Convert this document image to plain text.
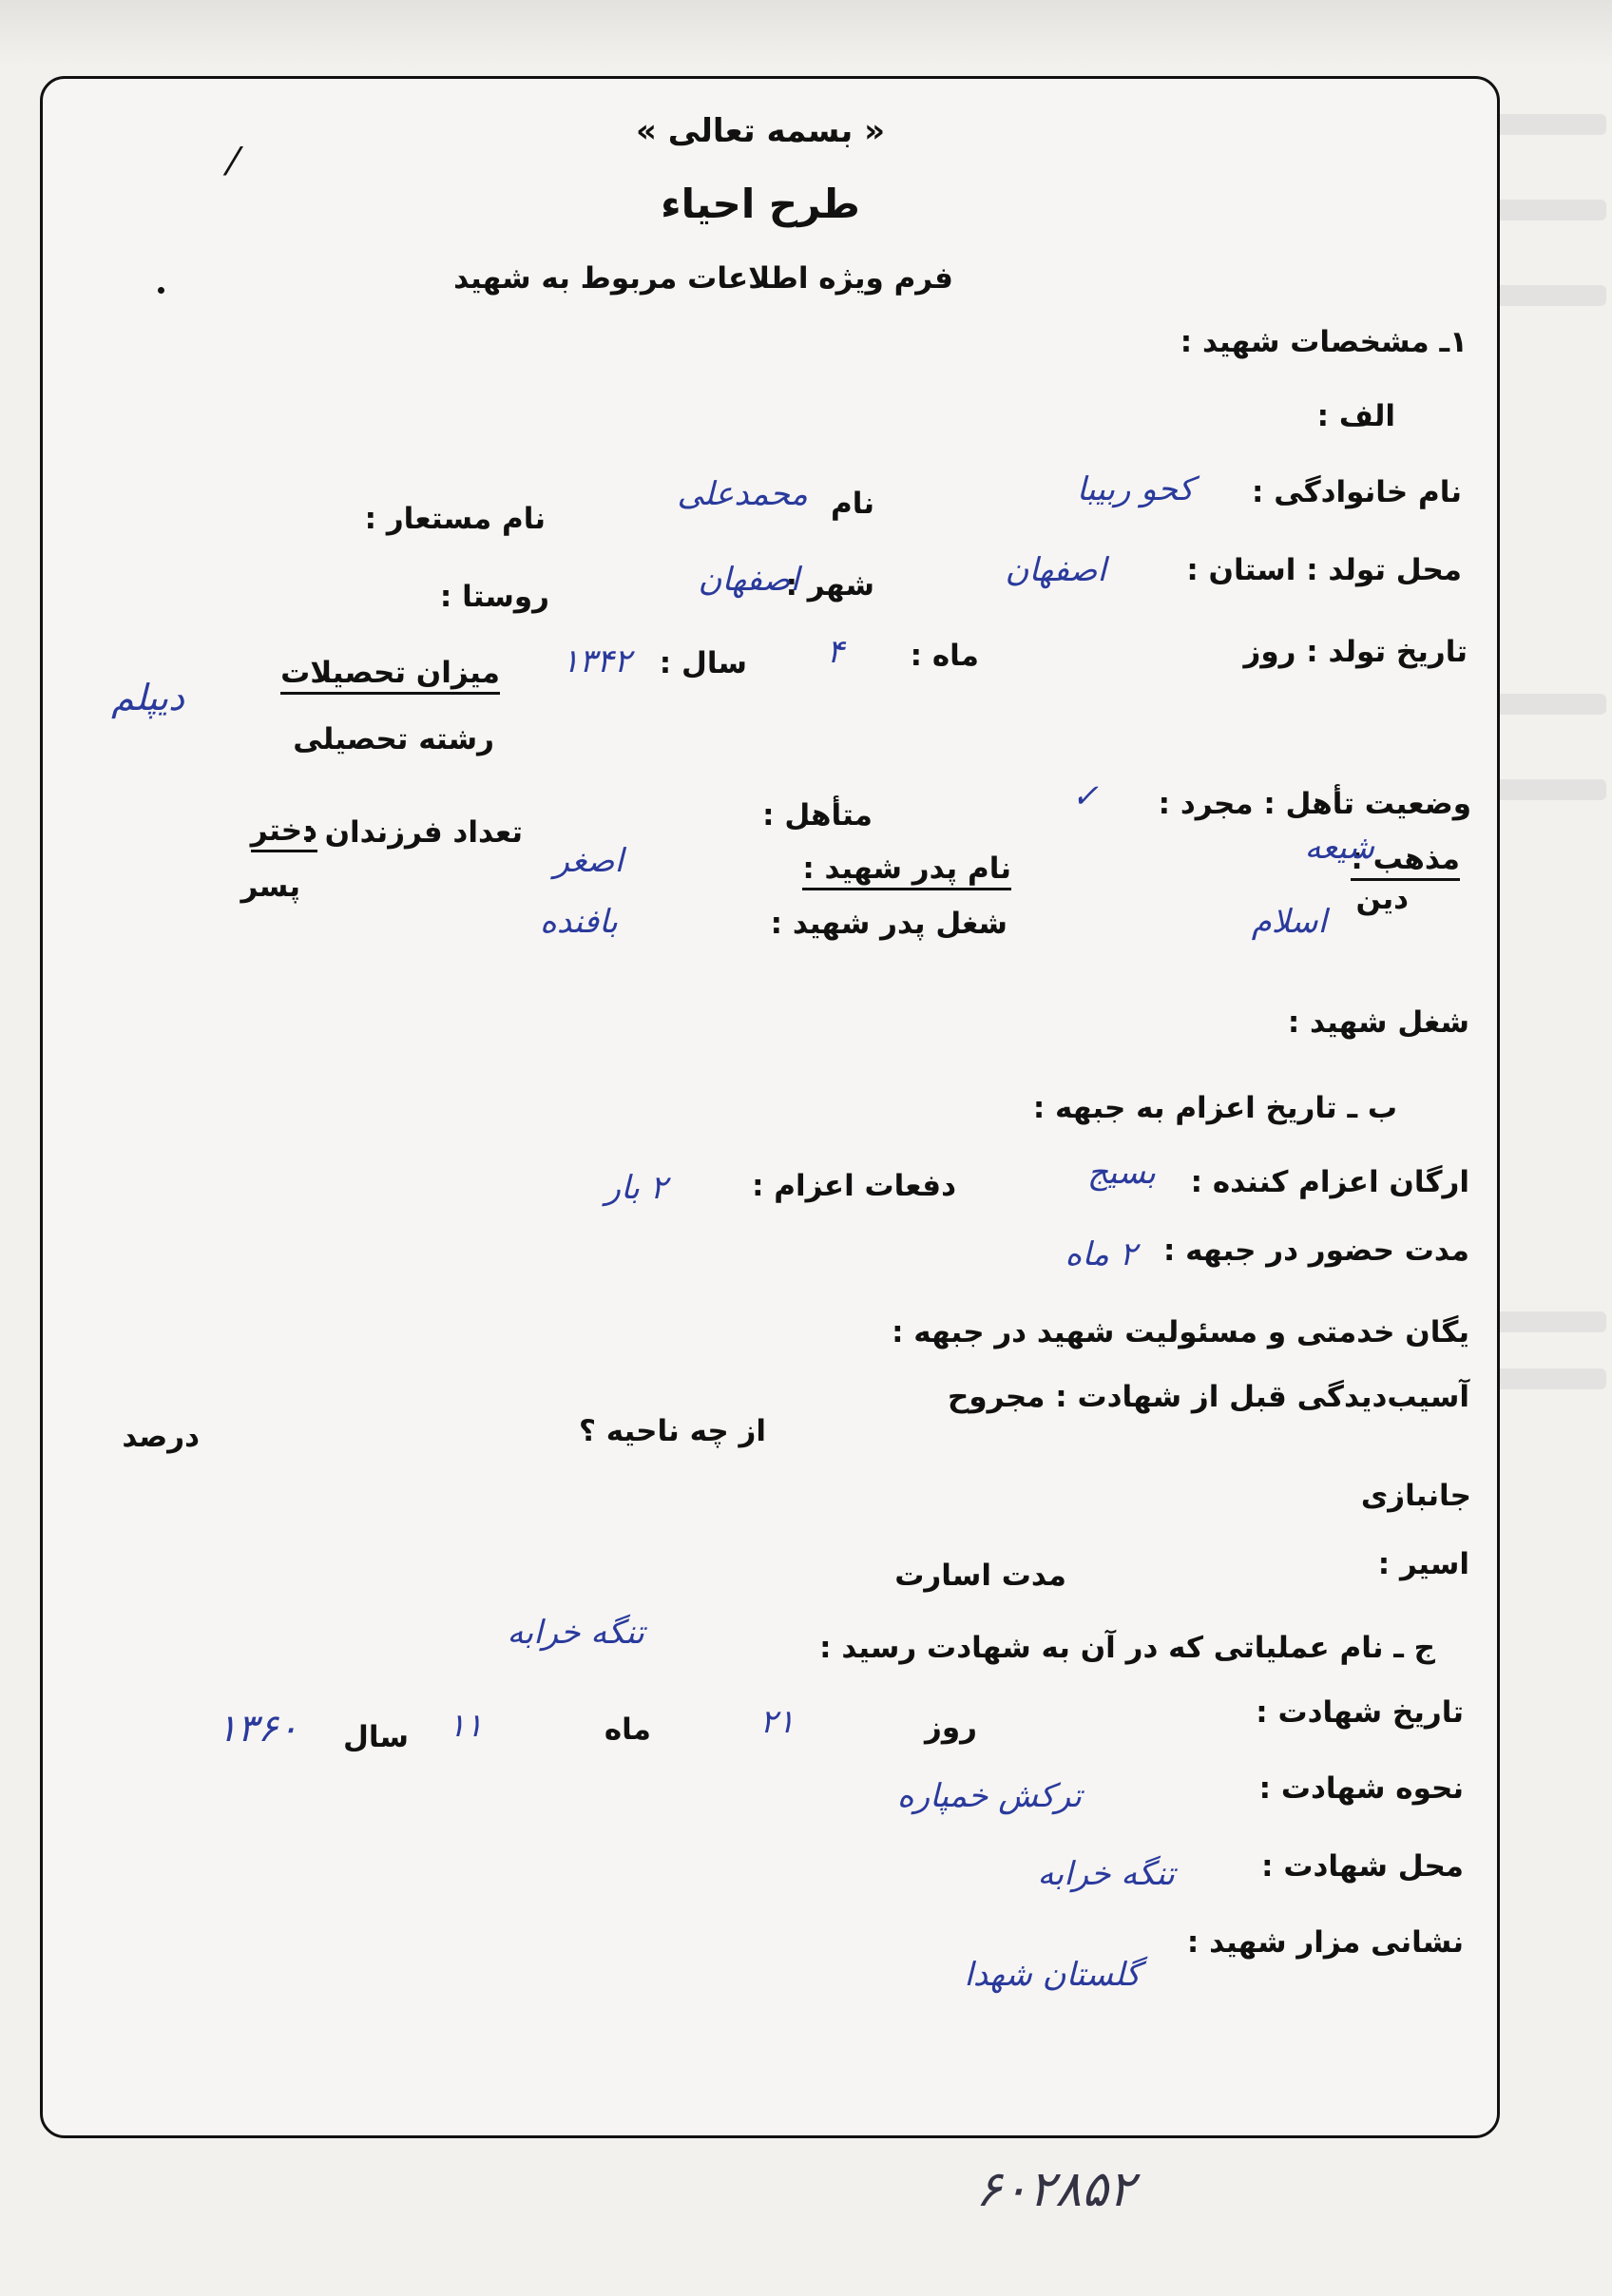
⁄
« بسمه تعالی »
طرح احیاء
فرم ویژه اطلاعات مربوط به شهید
۱ـ مشخصات شهید :
الف :
نام خانوادگی :
کحو ربیبا
نام
محمدعلی
نام مستعار :
محل تولد : استان :
اصفهان
شهر :
اصفهان
روستا :
تاریخ تولد : روز
ماه :
۴
سال :
۱۳۴۲
میزان تحصیلات
دیپلم
رشته تحصیلی
وضعیت تأهل : مجرد :
✓
متأهل :
تعداد فرزندان :
دختر
پسر
مذهب :
شیعه
دین
اسلام
نام پدر شهید :
اصغر
شغل پدر شهید :
بافنده
شغل شهید :
ب ـ تاریخ اعزام به جبهه :
ارگان اعزام کننده :
بسیج
دفعات اعزام :
۲ بار
مدت حضور در جبهه :
۲ ماه
یگان خدمتی و مسئولیت شهید در جبهه :
آسیب‌دیدگی قبل از شهادت : مجروح
از چه ناحیه ؟
درصد
جانبازی
اسیر :
مدت اسارت
ج ـ نام عملیاتی که در آن به شهادت رسید :
تنگه خرابه
تاریخ شهادت :
روز
۲۱
ماه
۱۱
سال
۱۳۶۰
نحوه شهادت :
ترکش خمپاره
محل شهادت :
تنگه خرابه
نشانی مزار شهید :
گلستان شهدا
۶۰۲۸۵۲
